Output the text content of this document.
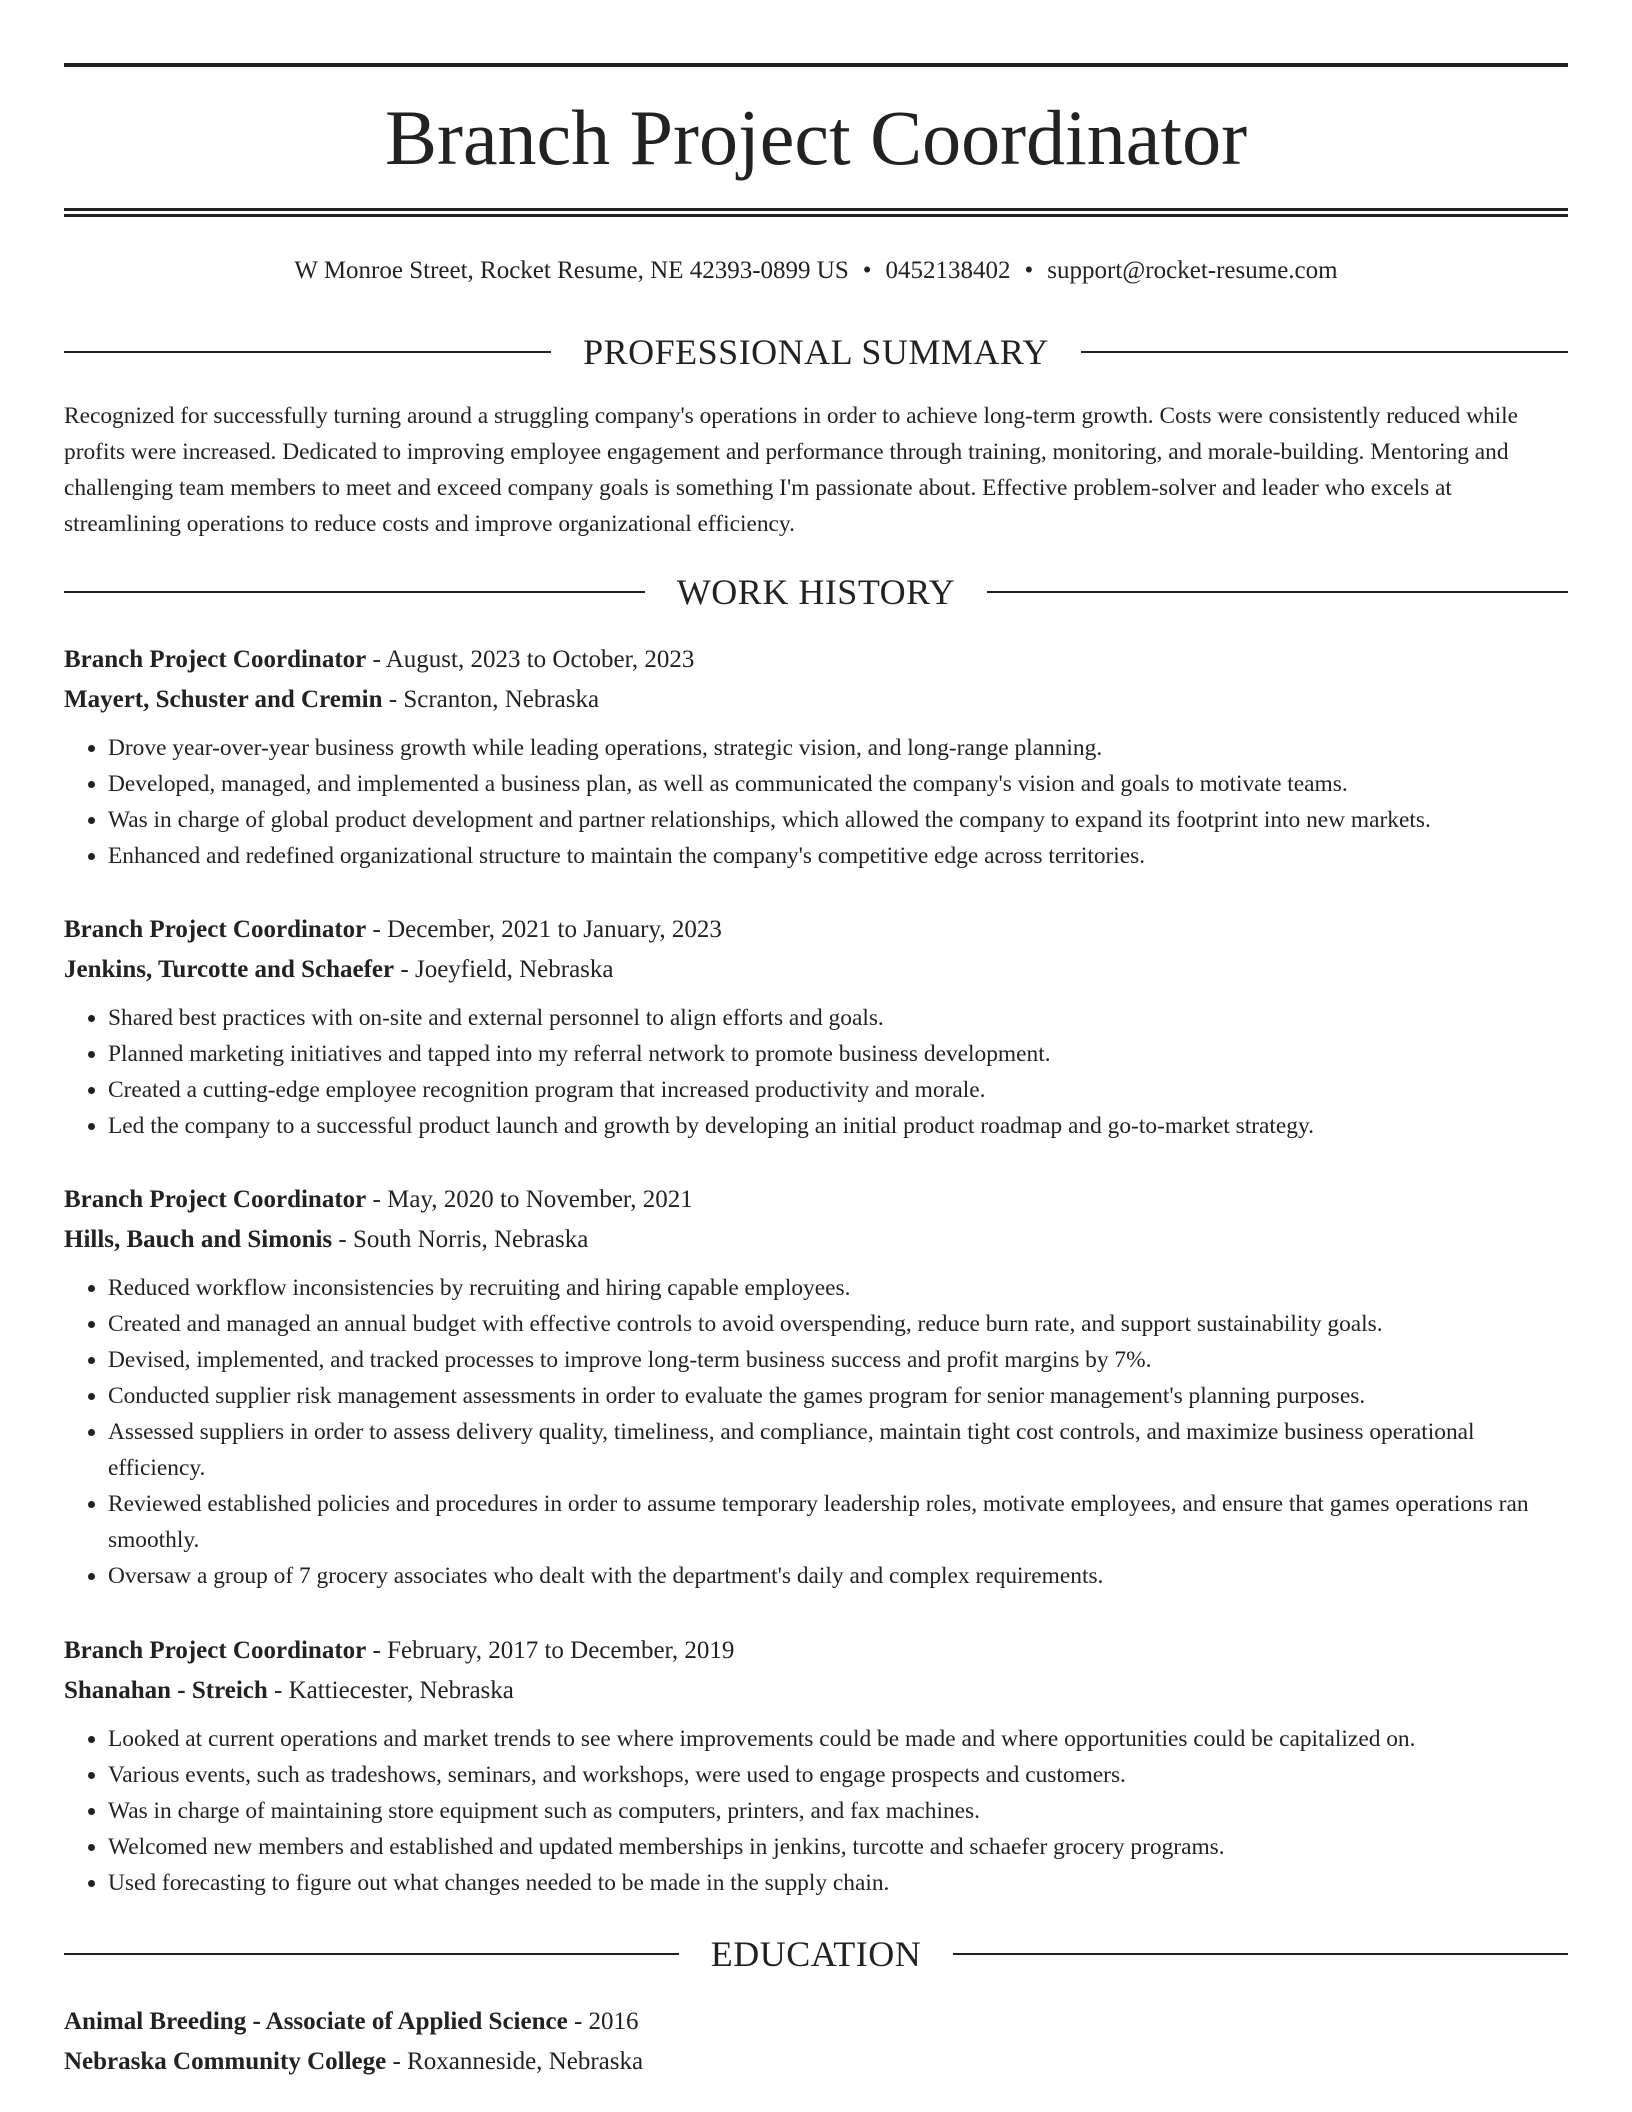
Branch Project Coordinator
W Monroe Street, Rocket Resume, NE 42393-0899 US • 0452138402 • support@rocket-resume.com
PROFESSIONAL SUMMARY
Recognized for successfully turning around a struggling company's operations in order to achieve long-term growth. Costs were consistently reduced while profits were increased. Dedicated to improving employee engagement and performance through training, monitoring, and morale-building. Mentoring and challenging team members to meet and exceed company goals is something I'm passionate about. Effective problem-solver and leader who excels at streamlining operations to reduce costs and improve organizational efficiency.
WORK HISTORY
Branch Project Coordinator - August, 2023 to October, 2023
Mayert, Schuster and Cremin - Scranton, Nebraska
• Drove year-over-year business growth while leading operations, strategic vision, and long-range planning.
• Developed, managed, and implemented a business plan, as well as communicated the company's vision and goals to motivate teams.
• Was in charge of global product development and partner relationships, which allowed the company to expand its footprint into new markets.
• Enhanced and redefined organizational structure to maintain the company's competitive edge across territories.
Branch Project Coordinator - December, 2021 to January, 2023
Jenkins, Turcotte and Schaefer - Joeyfield, Nebraska
• Shared best practices with on-site and external personnel to align efforts and goals.
• Planned marketing initiatives and tapped into my referral network to promote business development.
• Created a cutting-edge employee recognition program that increased productivity and morale.
• Led the company to a successful product launch and growth by developing an initial product roadmap and go-to-market strategy.
Branch Project Coordinator - May, 2020 to November, 2021
Hills, Bauch and Simonis - South Norris, Nebraska
• Reduced workflow inconsistencies by recruiting and hiring capable employees.
• Created and managed an annual budget with effective controls to avoid overspending, reduce burn rate, and support sustainability goals.
• Devised, implemented, and tracked processes to improve long-term business success and profit margins by 7%.
• Conducted supplier risk management assessments in order to evaluate the games program for senior management's planning purposes.
• Assessed suppliers in order to assess delivery quality, timeliness, and compliance, maintain tight cost controls, and maximize business operational efficiency.
• Reviewed established policies and procedures in order to assume temporary leadership roles, motivate employees, and ensure that games operations ran smoothly.
• Oversaw a group of 7 grocery associates who dealt with the department's daily and complex requirements.
Branch Project Coordinator - February, 2017 to December, 2019
Shanahan - Streich - Kattiecester, Nebraska
• Looked at current operations and market trends to see where improvements could be made and where opportunities could be capitalized on.
• Various events, such as tradeshows, seminars, and workshops, were used to engage prospects and customers.
• Was in charge of maintaining store equipment such as computers, printers, and fax machines.
• Welcomed new members and established and updated memberships in jenkins, turcotte and schaefer grocery programs.
• Used forecasting to figure out what changes needed to be made in the supply chain.
EDUCATION
Animal Breeding - Associate of Applied Science - 2016
Nebraska Community College - Roxanneside, Nebraska
